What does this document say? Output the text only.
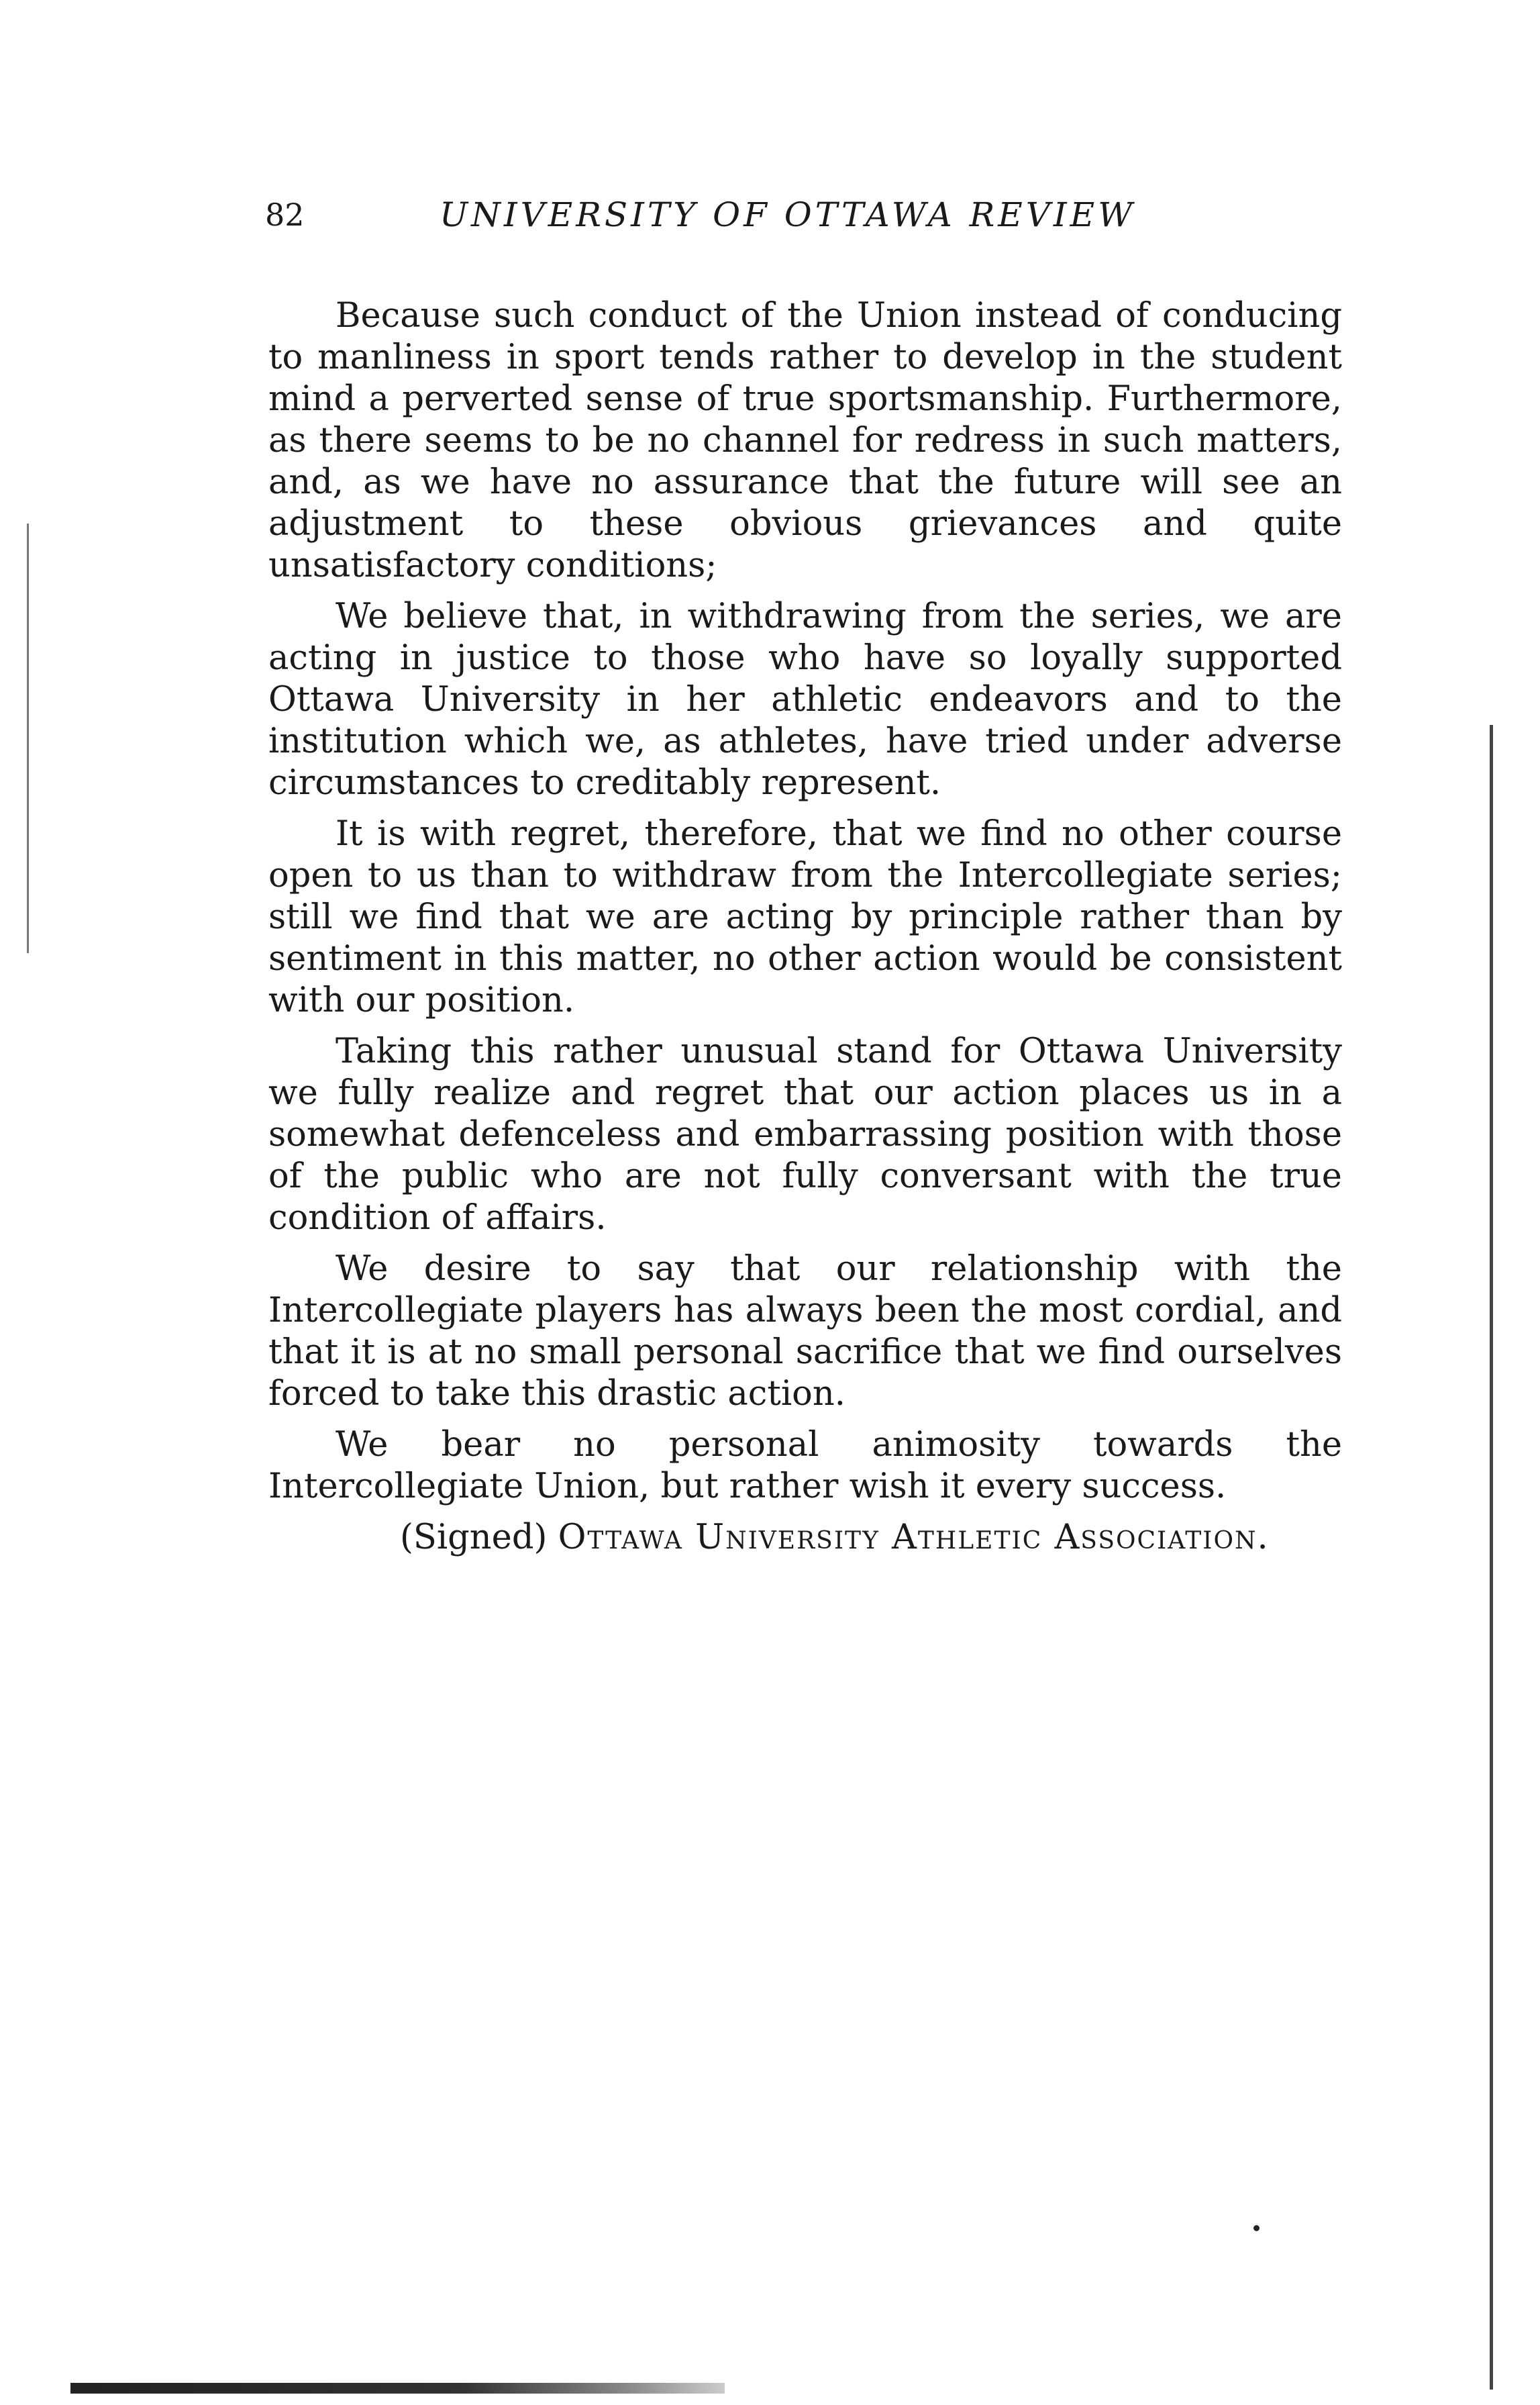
82	UNIVERSITY OF OTTAWA REVIEW

Because such conduct of the Union instead of conducing to manliness in sport tends rather to develop in the student mind a perverted sense of true sportsmanship. Furthermore, as there seems to be no channel for redress in such matters, and, as we have no assurance that the future will see an adjustment to these obvious grievances and quite unsatisfactory conditions;

We believe that, in withdrawing from the series, we are acting in justice to those who have so loyally supported Ottawa University in her athletic endeavors and to the institution which we, as athletes, have tried under adverse circumstances to creditably represent.

It is with regret, therefore, that we find no other course open to us than to withdraw from the Intercollegiate series; still we find that we are acting by principle rather than by sentiment in this matter, no other action would be consistent with our position.

Taking this rather unusual stand for Ottawa University we fully realize and regret that our action places us in a somewhat defenceless and embarrassing position with those of the public who are not fully conversant with the true condition of affairs.

We desire to say that our relationship with the Intercollegiate players has always been the most cordial, and that it is at no small personal sacrifice that we find ourselves forced to take this drastic action.

We bear no personal animosity towards the Intercollegiate Union, but rather wish it every success.

(Signed) Ottawa University Athletic Association.
